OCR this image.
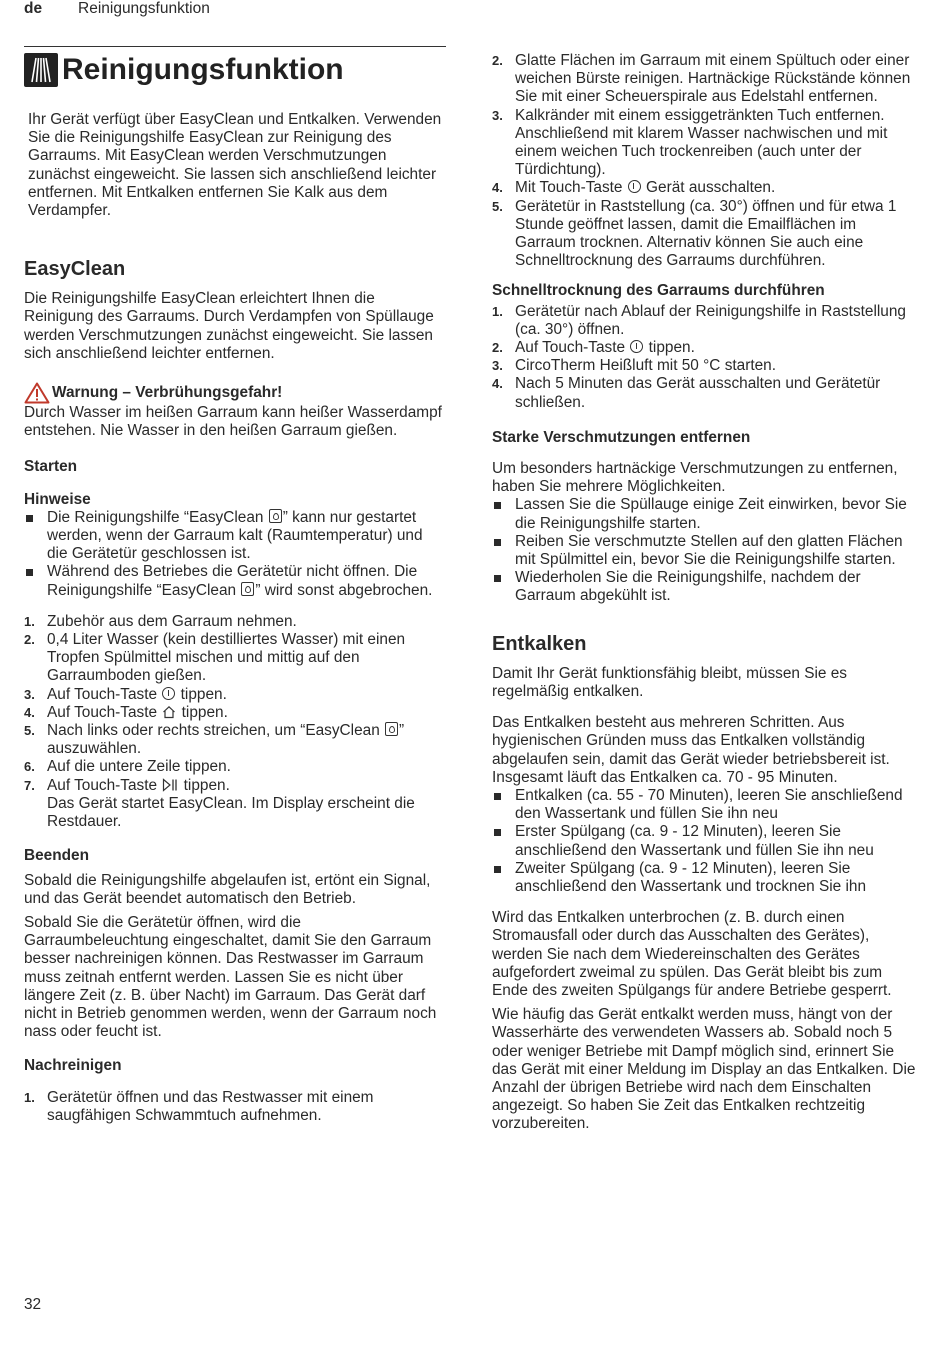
de Reinigungsfunktion
Reinigungsfunktion

Ihr Gerät verfügt über EasyClean und Entkalken. Verwenden Sie die Reinigungshilfe EasyClean zur Reinigung des Garraums. Mit EasyClean werden Verschmutzungen zunächst eingeweicht. Sie lassen sich anschließend leichter entfernen. Mit Entkalken entfernen Sie Kalk aus dem Verdampfer.

EasyClean

Die Reinigungshilfe EasyClean erleichtert Ihnen die Reinigung des Garraums. Durch Verdampfen von Spüllauge werden Verschmutzungen zunächst eingeweicht. Sie lassen sich anschließend leichter entfernen.

Warnung – Verbrühungsgefahr!

Durch Wasser im heißen Garraum kann heißer Wasserdampf entstehen. Nie Wasser in den heißen Garraum gießen.

Starten
Hinweise
Die Reinigungshilfe “EasyClean ” kann nur gestartet werden, wenn der Garraum kalt (Raumtemperatur) und die Gerätetür geschlossen ist.
Während des Betriebes die Gerätetür nicht öffnen. Die Reinigungshilfe “EasyClean ” wird sonst abgebrochen.
1. Zubehör aus dem Garraum nehmen.
2. 0,4 Liter Wasser (kein destilliertes Wasser) mit einen Tropfen Spülmittel mischen und mittig auf den Garraumboden gießen.
3. Auf Touch-Taste  tippen.
4. Auf Touch-Taste  tippen.
5. Nach links oder rechts streichen, um “EasyClean ” auszuwählen.
6. Auf die untere Zeile tippen.
7. Auf Touch-Taste  tippen.
Das Gerät startet EasyClean. Im Display erscheint die Restdauer.
Beenden

Sobald die Reinigungshilfe abgelaufen ist, ertönt ein Signal, und das Gerät beendet automatisch den Betrieb.

Sobald Sie die Gerätetür öffnen, wird die Garraumbeleuchtung eingeschaltet, damit Sie den Garraum besser nachreinigen können. Das Restwasser im Garraum muss zeitnah entfernt werden. Lassen Sie es nicht über längere Zeit (z. B. über Nacht) im Garraum. Das Gerät darf nicht in Betrieb genommen werden, wenn der Garraum noch nass oder feucht ist.

Nachreinigen
1. Gerätetür öffnen und das Restwasser mit einem saugfähigen Schwammtuch aufnehmen.
2. Glatte Flächen im Garraum mit einem Spültuch oder einer weichen Bürste reinigen. Hartnäckige Rückstände können Sie mit einer Scheuerspirale aus Edelstahl entfernen.
3. Kalkränder mit einem essiggetränkten Tuch entfernen. Anschließend mit klarem Wasser nachwischen und mit einem weichen Tuch trockenreiben (auch unter der Türdichtung).
4. Mit Touch-Taste  Gerät ausschalten.
5. Gerätetür in Raststellung (ca. 30°) öffnen und für etwa 1 Stunde geöffnet lassen, damit die Emailflächen im Garraum trocknen. Alternativ können Sie auch eine Schnelltrocknung des Garraums durchführen.
Schnelltrocknung des Garraums durchführen
1. Gerätetür nach Ablauf der Reinigungshilfe in Raststellung (ca. 30°) öffnen.
2. Auf Touch-Taste  tippen.
3. CircoTherm Heißluft mit 50 °C starten.
4. Nach 5 Minuten das Gerät ausschalten und Gerätetür schließen.
Starke Verschmutzungen entfernen

Um besonders hartnäckige Verschmutzungen zu entfernen, haben Sie mehrere Möglichkeiten.

Lassen Sie die Spüllauge einige Zeit einwirken, bevor Sie die Reinigungshilfe starten.
Reiben Sie verschmutzte Stellen auf den glatten Flächen mit Spülmittel ein, bevor Sie die Reinigungshilfe starten.
Wiederholen Sie die Reinigungshilfe, nachdem der Garraum abgekühlt ist.
Entkalken

Damit Ihr Gerät funktionsfähig bleibt, müssen Sie es regelmäßig entkalken.

Das Entkalken besteht aus mehreren Schritten. Aus hygienischen Gründen muss das Entkalken vollständig abgelaufen sein, damit das Gerät wieder betriebsbereit ist. Insgesamt läuft das Entkalken ca. 70 - 95 Minuten.

Entkalken (ca. 55 - 70 Minuten), leeren Sie anschließend den Wassertank und füllen Sie ihn neu
Erster Spülgang (ca. 9 - 12 Minuten), leeren Sie anschließend den Wassertank und füllen Sie ihn neu
Zweiter Spülgang (ca. 9 - 12 Minuten), leeren Sie anschließend den Wassertank und trocknen Sie ihn

Wird das Entkalken unterbrochen (z. B. durch einen Stromausfall oder durch das Ausschalten des Gerätes), werden Sie nach dem Wiedereinschalten des Gerätes aufgefordert zweimal zu spülen. Das Gerät bleibt bis zum Ende des zweiten Spülgangs für andere Betriebe gesperrt.

Wie häufig das Gerät entkalkt werden muss, hängt von der Wasserhärte des verwendeten Wassers ab. Sobald noch 5 oder weniger Betriebe mit Dampf möglich sind, erinnert Sie das Gerät mit einer Meldung im Display an das Entkalken. Die Anzahl der übrigen Betriebe wird nach dem Einschalten angezeigt. So haben Sie Zeit das Entkalken rechtzeitig vorzubereiten.

32
